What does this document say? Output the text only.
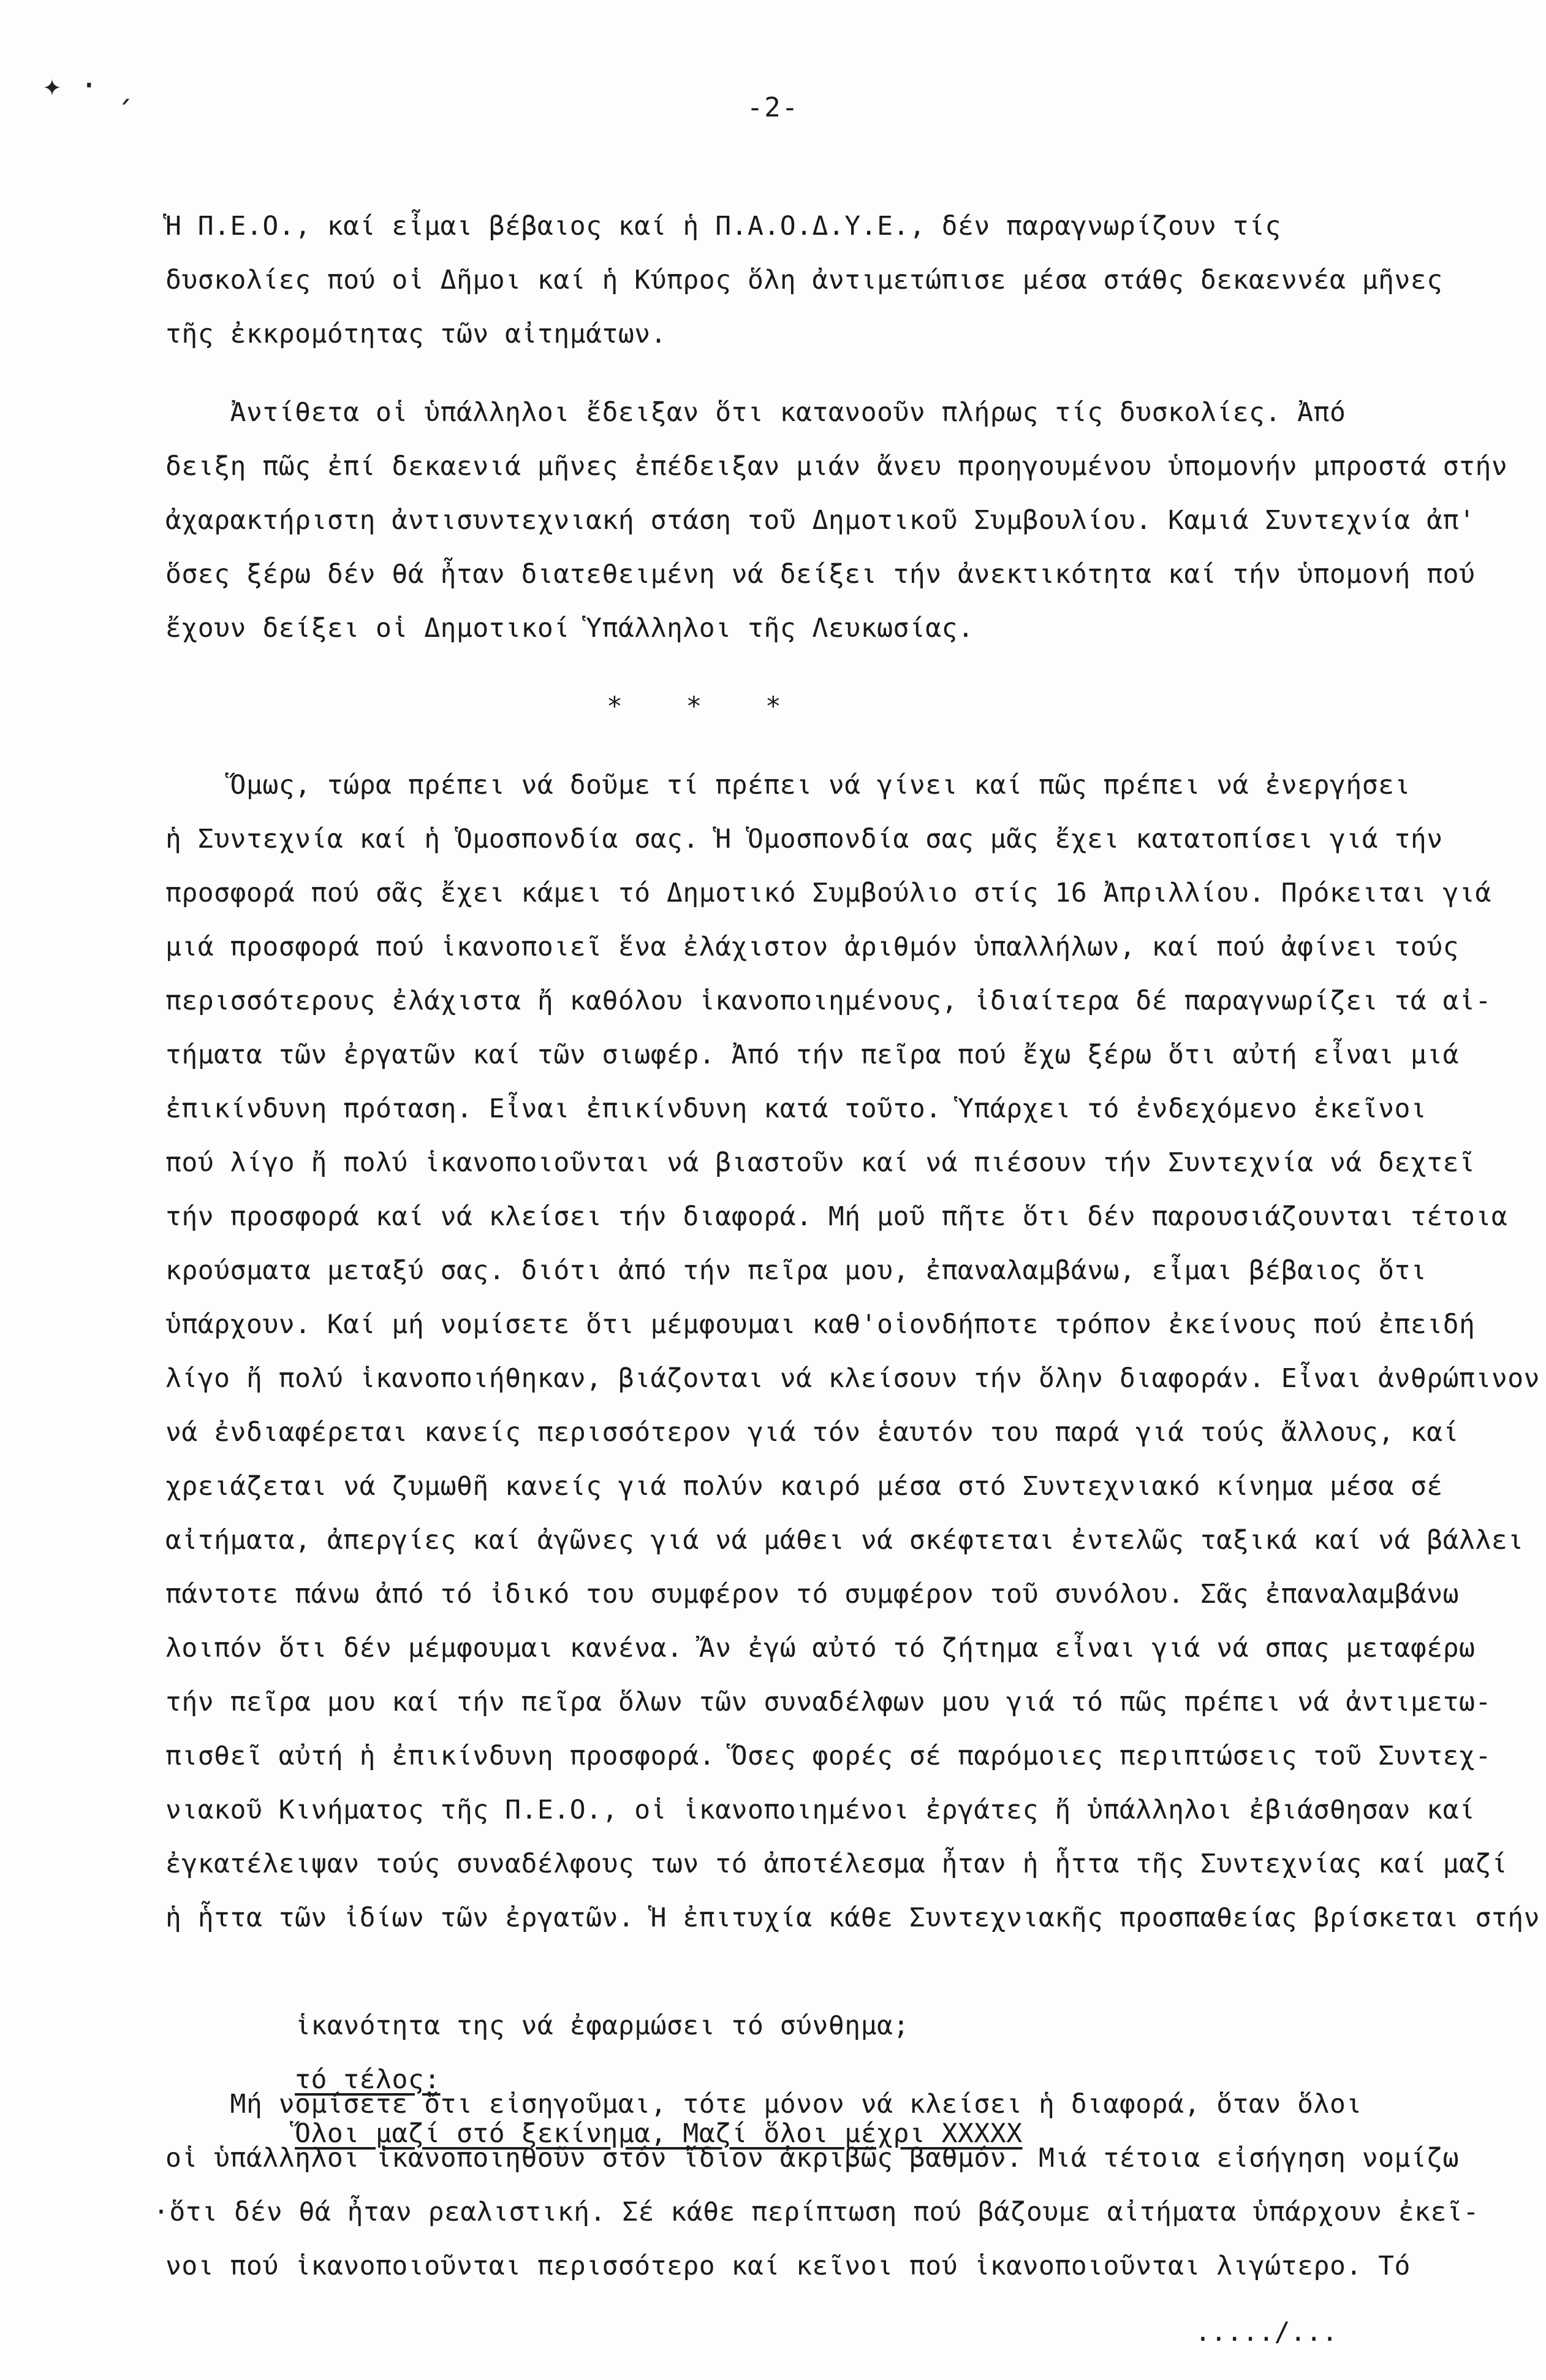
✦ · ˏ
-2-
Ἡ Π.Ε.Ο., καί εἶμαι βέβαιος καί ἡ Π.Α.Ο.Δ.Υ.Ε., δέν παραγνωρίζουν τίς
δυσκολίες πού οἱ Δῆμοι καί ἡ Κύπρος ὅλη ἀντιμετώπισε μέσα στάθς δεκαεννέα μῆνες
τῆς ἐκκρομότητας τῶν αἰτημάτων.
Ἀντίθετα οἱ ὑπάλληλοι ἔδειξαν ὅτι κατανοοῦν πλήρως τίς δυσκολίες. Ἀπό
δειξη πῶς ἐπί δεκαενιά μῆνες ἐπέδειξαν μιάν ἄνευ προηγουμένου ὑπομονήν μπροστά στήν
ἀχαρακτήριστη ἀντισυντεχνιακή στάση τοῦ Δημοτικοῦ Συμβουλίου. Καμιά Συντεχνία ἀπ'
ὅσες ξέρω δέν θά ἦταν διατεθειμένη νά δείξει τήν ἀνεκτικότητα καί τήν ὑπομονή πού
ἔχουν δείξει οἱ Δημοτικοί Ὑπάλληλοι τῆς Λευκωσίας.
*    *    *
Ὅμως, τώρα πρέπει νά δοῦμε τί πρέπει νά γίνει καί πῶς πρέπει νά ἐνεργήσει
ἡ Συντεχνία καί ἡ Ὁμοσπονδία σας. Ἡ Ὁμοσπονδία σας μᾶς ἔχει κατατοπίσει γιά τήν
προσφορά πού σᾶς ἔχει κάμει τό Δημοτικό Συμβούλιο στίς 16 Ἀπριλλίου. Πρόκειται γιά
μιά προσφορά πού ἱκανοποιεῖ ἕνα ἐλάχιστον ἀριθμόν ὑπαλλήλων, καί πού ἀφίνει τούς
περισσότερους ἐλάχιστα ἤ καθόλου ἱκανοποιημένους, ἰδιαίτερα δέ παραγνωρίζει τά αἰ-
τήματα τῶν ἐργατῶν καί τῶν σιωφέρ. Ἀπό τήν πεῖρα πού ἔχω ξέρω ὅτι αὐτή εἶναι μιά
ἐπικίνδυνη πρόταση. Εἶναι ἐπικίνδυνη κατά τοῦτο. Ὑπάρχει τό ἐνδεχόμενο ἐκεῖνοι
πού λίγο ἤ πολύ ἱκανοποιοῦνται νά βιαστοῦν καί νά πιέσουν τήν Συντεχνία νά δεχτεῖ
τήν προσφορά καί νά κλείσει τήν διαφορά. Μή μοῦ πῆτε ὅτι δέν παρουσιάζουνται τέτοια
κρούσματα μεταξύ σας. διότι ἀπό τήν πεῖρα μου, ἐπαναλαμβάνω, εἶμαι βέβαιος ὅτι
ὑπάρχουν. Καί μή νομίσετε ὅτι μέμφουμαι καθ'οἱονδήποτε τρόπον ἐκείνους πού ἐπειδή
λίγο ἤ πολύ ἱκανοποιήθηκαν, βιάζονται νά κλείσουν τήν ὅλην διαφοράν. Εἶναι ἀνθρώπινον
νά ἐνδιαφέρεται κανείς περισσότερον γιά τόν ἑαυτόν του παρά γιά τούς ἄλλους, καί
χρειάζεται νά ζυμωθῆ κανείς γιά πολύν καιρό μέσα στό Συντεχνιακό κίνημα μέσα σέ
αἰτήματα, ἀπεργίες καί ἀγῶνες γιά νά μάθει νά σκέφτεται ἐντελῶς ταξικά καί νά βάλλει
πάντοτε πάνω ἀπό τό ἰδικό του συμφέρον τό συμφέρον τοῦ συνόλου. Σᾶς ἐπαναλαμβάνω
λοιπόν ὅτι δέν μέμφουμαι κανένα. Ἄν ἐγώ αὐτό τό ζήτημα εἶναι γιά νά σπας μεταφέρω
τήν πεῖρα μου καί τήν πεῖρα ὅλων τῶν συναδέλφων μου γιά τό πῶς πρέπει νά ἀντιμετω-
πισθεῖ αὐτή ἡ ἐπικίνδυνη προσφορά. Ὅσες φορές σέ παρόμοιες περιπτώσεις τοῦ Συντεχ-
νιακοῦ Κινήματος τῆς Π.Ε.Ο., οἱ ἱκανοποιημένοι ἐργάτες ἤ ὑπάλληλοι ἐβιάσθησαν καί
ἐγκατέλειψαν τούς συναδέλφους των τό ἀποτέλεσμα ἦταν ἡ ἧττα τῆς Συντεχνίας καί μαζί
ἡ ἧττα τῶν ἰδίων τῶν ἐργατῶν. Ἡ ἐπιτυχία κάθε Συντεχνιακῆς προσπαθείας βρίσκεται στήν

ἱκανότητα της νά ἐφαρμώσει τό σύνθημα;

Ὅλοι μαζί στό ξεκίνημα, Μαζί ὅλοι μέχρι XXXXX

τό τέλος:

Μή νομίσετε ὅτι εἰσηγοῦμαι, τότε μόνον νά κλείσει ἡ διαφορά, ὅταν ὅλοι
οἱ ὑπάλληλοι ἱκανοποιηθοῦν στόν ἴδιον ἀκριβῶς βαθμόν. Μιά τέτοια εἰσήγηση νομίζω
·ὅτι δέν θά ἦταν ρεαλιστική. Σέ κάθε περίπτωση πού βάζουμε αἰτήματα ὑπάρχουν ἐκεῖ-
νοι πού ἱκανοποιοῦνται περισσότερο καί κεῖνοι πού ἱκανοποιοῦνται λιγώτερο. Τό
...../...
